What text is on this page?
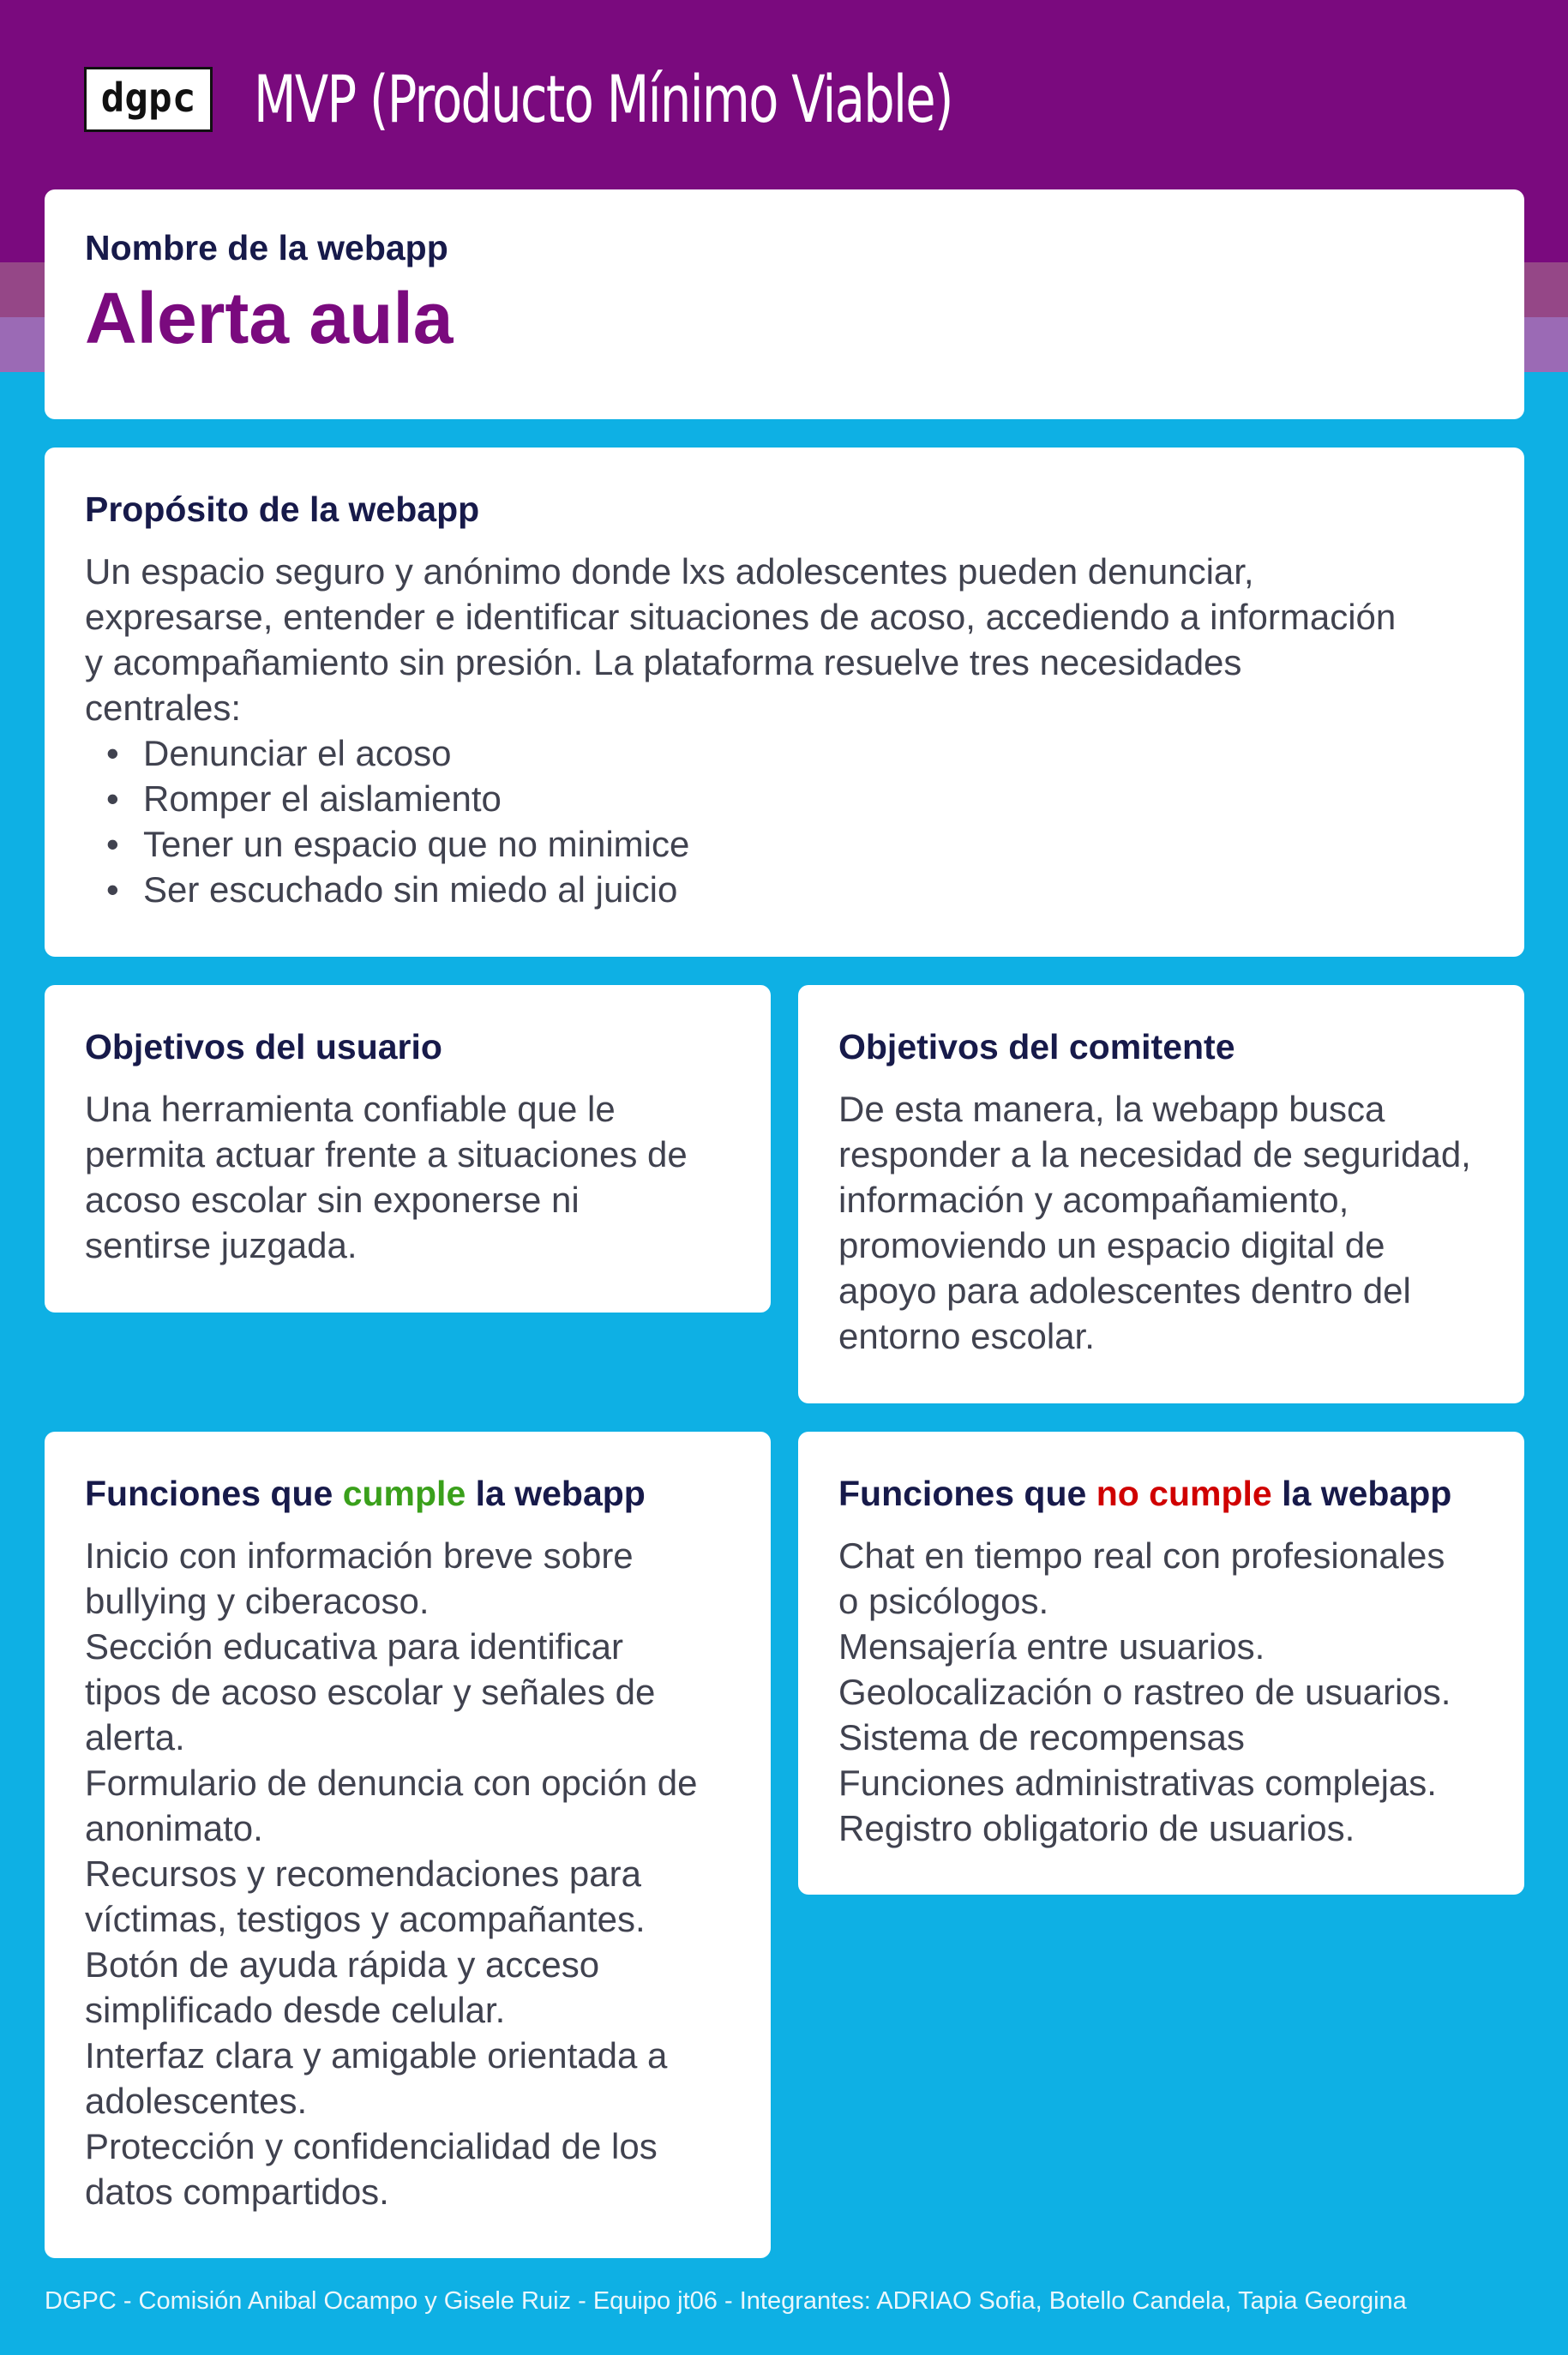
dgpc MVP (Producto Mínimo Viable)
Nombre de la webapp

Alerta aula

Propósito de la webapp
Un espacio seguro y anónimo donde lxs adolescentes pueden denunciar,
expresarse, entender e identificar situaciones de acoso, accediendo a información
y acompañamiento sin presión. La plataforma resuelve tres necesidades
centrales:
• Denunciar el acoso
• Romper el aislamiento
• Tener un espacio que no minimice
• Ser escuchado sin miedo al juicio
Objetivos del usuario
Una herramienta confiable que le
permita actuar frente a situaciones de
acoso escolar sin exponerse ni
sentirse juzgada.
Objetivos del comitente
De esta manera, la webapp busca
responder a la necesidad de seguridad,
información y acompañamiento,
promoviendo un espacio digital de
apoyo para adolescentes dentro del
entorno escolar.
Funciones que cumple la webapp
Inicio con información breve sobre
bullying y ciberacoso.
Sección educativa para identificar
tipos de acoso escolar y señales de
alerta.
Formulario de denuncia con opción de
anonimato.
Recursos y recomendaciones para
víctimas, testigos y acompañantes.
Botón de ayuda rápida y acceso
simplificado desde celular.
Interfaz clara y amigable orientada a
adolescentes.
Protección y confidencialidad de los
datos compartidos.
Funciones que no cumple la webapp
Chat en tiempo real con profesionales
o psicólogos.
Mensajería entre usuarios.
Geolocalización o rastreo de usuarios.
Sistema de recompensas
Funciones administrativas complejas.
Registro obligatorio de usuarios.
DGPC - Comisión Anibal Ocampo y Gisele Ruiz - Equipo jt06 - Integrantes: ADRIAO Sofia, Botello Candela, Tapia Georgina
